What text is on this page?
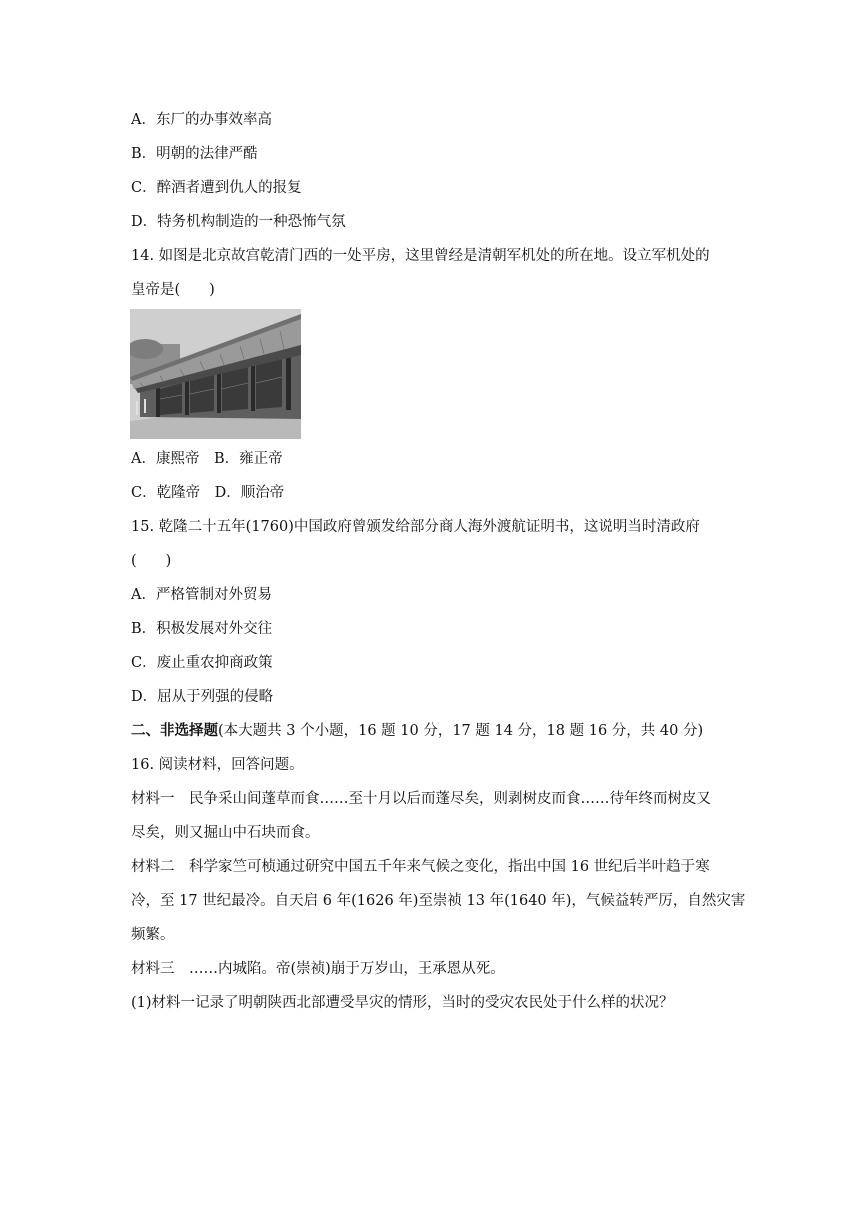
A．东厂的办事效率高
B．明朝的法律严酷
C．醉酒者遭到仇人的报复
D．特务机构制造的一种恐怖气氛
14. 如图是北京故宫乾清门西的一处平房，这里曾经是清朝军机处的所在地。设立军机处的
皇帝是(　　)
A．康熙帝　B．雍正帝
C．乾隆帝　D．顺治帝
15. 乾隆二十五年(1760)中国政府曾颁发给部分商人海外渡航证明书，这说明当时清政府
(　　)
A．严格管制对外贸易
B．积极发展对外交往
C．废止重农抑商政策
D．屈从于列强的侵略
二、非选择题(本大题共 3 个小题，16 题 10 分，17 题 14 分，18 题 16 分，共 40 分)
16. 阅读材料，回答问题。
材料一　民争采山间蓬草而食……至十月以后而蓬尽矣，则剥树皮而食……待年终而树皮又
尽矣，则又掘山中石块而食。
材料二　科学家竺可桢通过研究中国五千年来气候之变化，指出中国 16 世纪后半叶趋于寒
冷，至 17 世纪最冷。自天启 6 年(1626 年)至崇祯 13 年(1640 年)，气候益转严厉，自然灾害
频繁。
材料三　……内城陷。帝(崇祯)崩于万岁山，王承恩从死。
(1)材料一记录了明朝陕西北部遭受旱灾的情形，当时的受灾农民处于什么样的状况？
